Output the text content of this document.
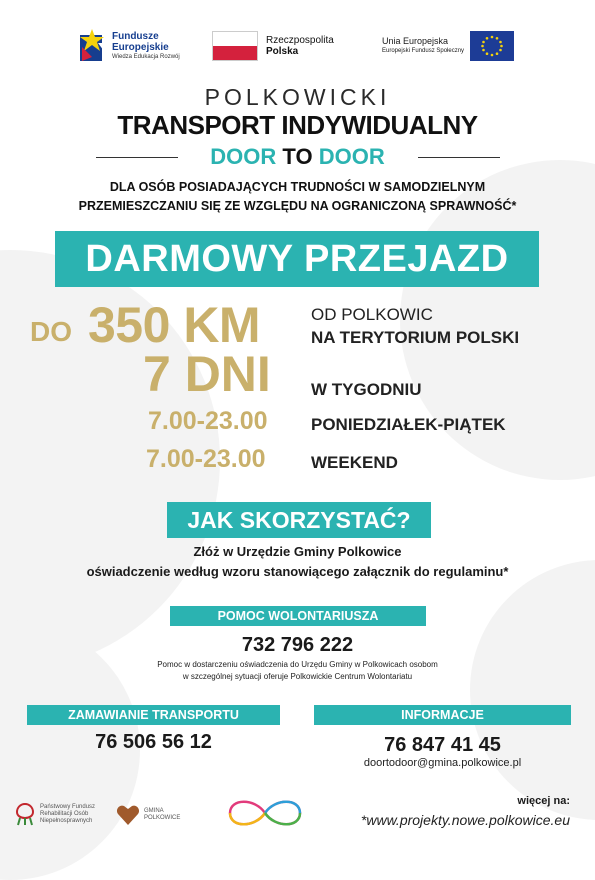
Fundusze
Europejskie
Wiedza Edukacja Rozwój
Rzeczpospolita
Polska
Unia Europejska
Europejski Fundusz Społeczny
POLKOWICKI
TRANSPORT INDYWIDUALNY
DOOR TO DOOR
DLA OSÓB POSIADAJĄCYCH TRUDNOŚCI W SAMODZIELNYM
PRZEMIESZCZANIU SIĘ ZE WZGLĘDU NA OGRANICZONĄ SPRAWNOŚĆ*
DARMOWY PRZEJAZD
DO 350 KM	OD POLKOWIC
NA TERYTORIUM POLSKI
7 DNI W TYGODNIU
7.00-23.00	PONIEDZIAŁEK-PIĄTEK
7.00-23.00	WEEKEND
JAK SKORZYSTAĆ?
Złóż w Urzędzie Gminy Polkowice
oświadczenie według wzoru stanowiącego załącznik do regulaminu*
POMOC WOLONTARIUSZA
732 796 222
Pomoc w dostarczeniu oświadczenia do Urzędu Gminy w Polkowicach osobom
w szczególnej sytuacji oferuje Polkowickie Centrum Wolontariatu
ZAMAWIANIE TRANSPORTU	INFORMACJE
76 506 56 12	76 847 41 45
doortodoor@gmina.polkowice.pl
Państwowy Fundusz
Rehabilitacji Osób
Niepełnosprawnych
GMINA
POLKOWICE
więcej na:
*www.projekty.nowe.polkowice.eu
